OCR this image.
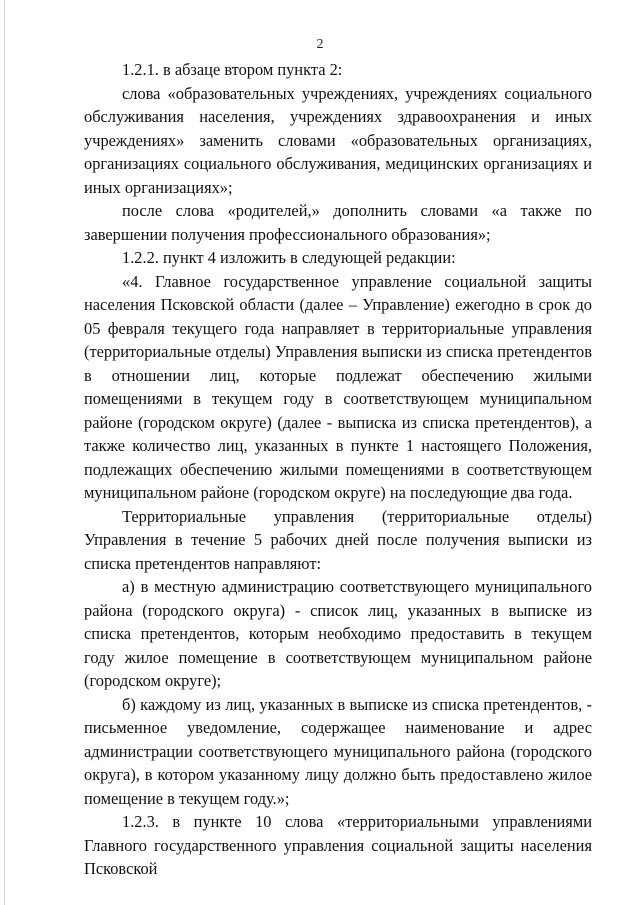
2

1.2.1. в абзаце втором пункта 2:

слова «образовательных учреждениях, учреждениях социального обслуживания населения, учреждениях здравоохранения и иных учреждениях» заменить словами «образовательных организациях, организациях социального обслуживания, медицинских организациях и иных организациях»;

после слова «родителей,» дополнить словами «а также по завершении получения профессионального образования»;

1.2.2. пункт 4 изложить в следующей редакции:

«4. Главное государственное управление социальной защиты населения Псковской области (далее – Управление) ежегодно в срок до 05 февраля текущего года направляет в территориальные управления (территориальные отделы) Управления выписки из списка претендентов в отношении лиц, которые подлежат обеспечению жилыми помещениями в текущем году в соответствующем муниципальном районе (городском округе) (далее - выписка из списка претендентов), а также количество лиц, указанных в пункте 1 настоящего Положения, подлежащих обеспечению жилыми помещениями в соответствующем муниципальном районе (городском округе) на последующие два года.

Территориальные управления (территориальные отделы) Управления в течение 5 рабочих дней после получения выписки из списка претендентов направляют:

а) в местную администрацию соответствующего муниципального района (городского округа) - список лиц, указанных в выписке из списка претендентов, которым необходимо предоставить в текущем году жилое помещение в соответствующем муниципальном районе (городском округе);

б) каждому из лиц, указанных в выписке из списка претендентов, - письменное уведомление, содержащее наименование и адрес администрации соответствующего муниципального района (городского округа), в котором указанному лицу должно быть предоставлено жилое помещение в текущем году.»;

1.2.3. в пункте 10 слова «территориальными управлениями Главного государственного управления социальной защиты населения Псковской
